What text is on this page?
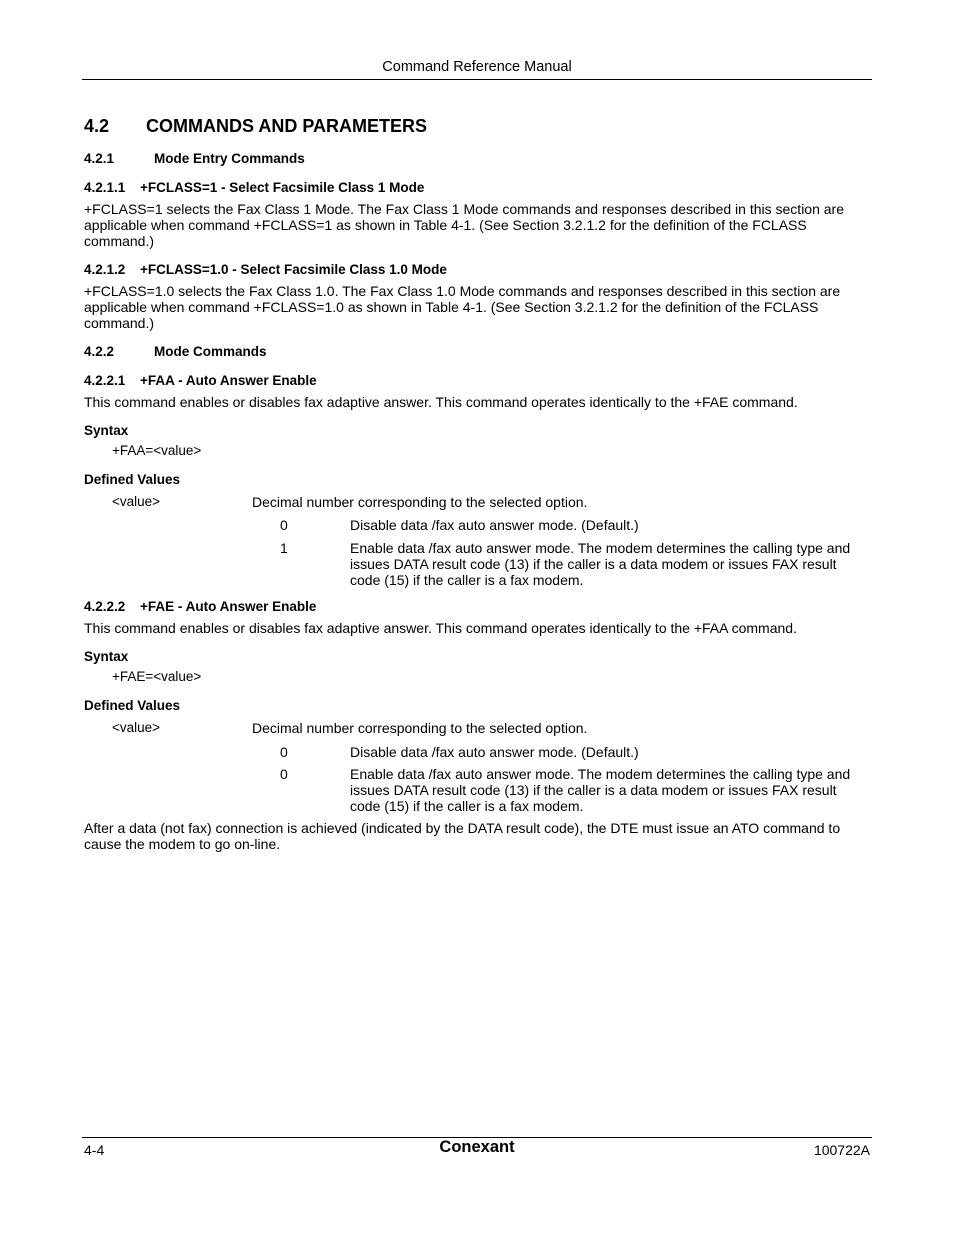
Command Reference Manual
4.2 COMMANDS AND PARAMETERS
4.2.1	Mode Entry Commands
4.2.1.1 +FCLASS=1 - Select Facsimile Class 1 Mode
+FCLASS=1 selects the Fax Class 1 Mode. The Fax Class 1 Mode commands and responses described in this section are applicable when command +FCLASS=1 as shown in Table 4-1. (See Section 3.2.1.2 for the definition of the FCLASS command.)
4.2.1.2 +FCLASS=1.0 - Select Facsimile Class 1.0 Mode
+FCLASS=1.0 selects the Fax Class 1.0. The Fax Class 1.0 Mode commands and responses described in this section are applicable when command +FCLASS=1.0 as shown in Table 4-1. (See Section 3.2.1.2 for the definition of the FCLASS command.)
4.2.2	Mode Commands
4.2.2.1 +FAA - Auto Answer Enable
This command enables or disables fax adaptive answer. This command operates identically to the +FAE command.
Syntax
+FAA=<value>
Defined Values
<value>	Decimal number corresponding to the selected option.
0	Disable data /fax auto answer mode. (Default.)
1	Enable data /fax auto answer mode. The modem determines the calling type and issues DATA result code (13) if the caller is a data modem or issues FAX result code (15) if the caller is a fax modem.
4.2.2.2 +FAE - Auto Answer Enable
This command enables or disables fax adaptive answer. This command operates identically to the +FAA command.
Syntax
+FAE=<value>
Defined Values
<value>	Decimal number corresponding to the selected option.
0	Disable data /fax auto answer mode. (Default.)
0	Enable data /fax auto answer mode. The modem determines the calling type and issues DATA result code (13) if the caller is a data modem or issues FAX result code (15) if the caller is a fax modem.
After a data (not fax) connection is achieved (indicated by the DATA result code), the DTE must issue an ATO command to cause the modem to go on-line.
4-4	Conexant	100722A
